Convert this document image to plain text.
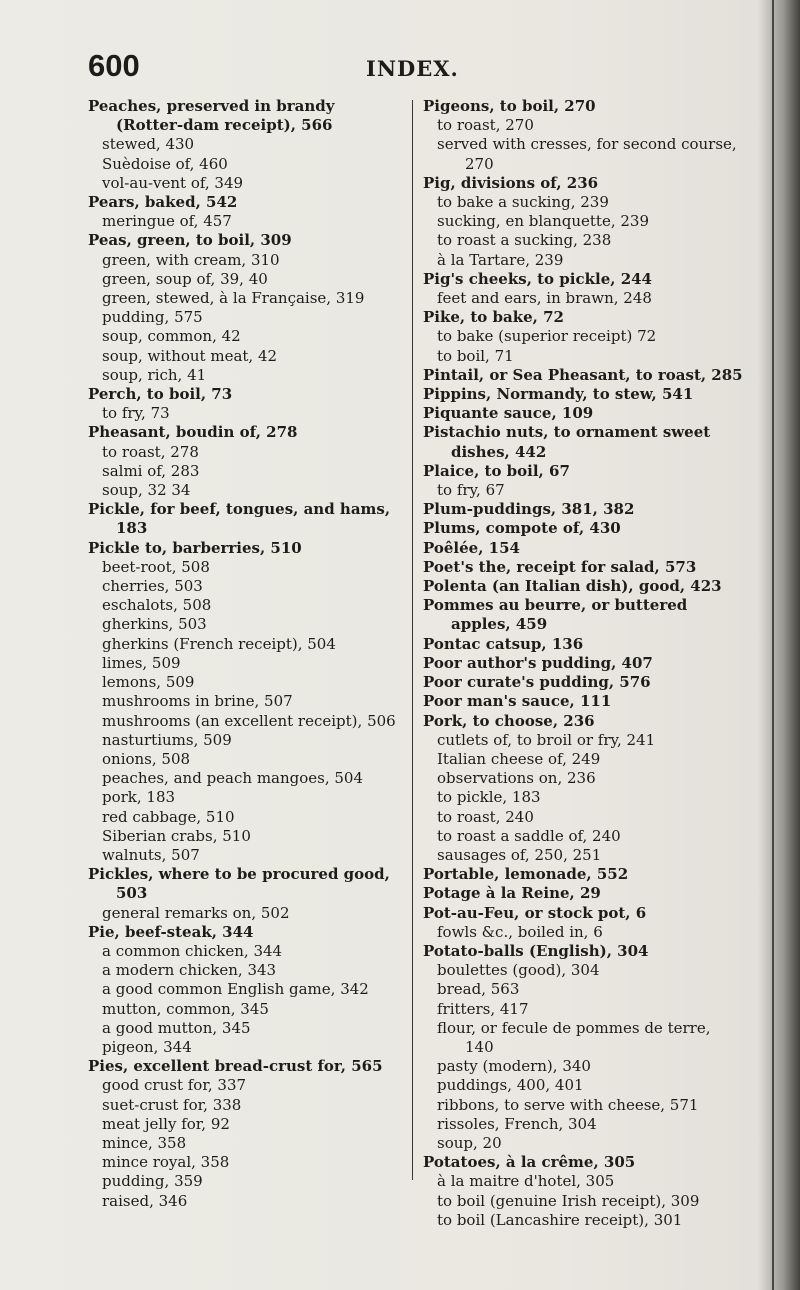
600	INDEX.
Peaches, preserved in brandy (Rotter-dam receipt), 566
stewed, 430
Suèdoise of, 460
vol-au-vent of, 349
Pears, baked, 542
meringue of, 457
Peas, green, to boil, 309
green, with cream, 310
green, soup of, 39, 40
green, stewed, à la Française, 319
pudding, 575
soup, common, 42
soup, without meat, 42
soup, rich, 41
Perch, to boil, 73
to fry, 73
Pheasant, boudin of, 278
to roast, 278
salmi of, 283
soup, 32 34
Pickle, for beef, tongues, and hams, 183
Pickle to, barberries, 510
beet-root, 508
cherries, 503
eschalots, 508
gherkins, 503
gherkins (French receipt), 504
limes, 509
lemons, 509
mushrooms in brine, 507
mushrooms (an excellent receipt), 506
nasturtiums, 509
onions, 508
peaches, and peach mangoes, 504
pork, 183
red cabbage, 510
Siberian crabs, 510
walnuts, 507
Pickles, where to be procured good, 503
general remarks on, 502
Pie, beef-steak, 344
a common chicken, 344
a modern chicken, 343
a good common English game, 342
mutton, common, 345
a good mutton, 345
pigeon, 344
Pies, excellent bread-crust for, 565
good crust for, 337
suet-crust for, 338
meat jelly for, 92
mince, 358
mince royal, 358
pudding, 359
raised, 346
Pigeons, to boil, 270
to roast, 270
served with cresses, for second course, 270
Pig, divisions of, 236
to bake a sucking, 239
sucking, en blanquette, 239
to roast a sucking, 238
à la Tartare, 239
Pig's cheeks, to pickle, 244
feet and ears, in brawn, 248
Pike, to bake, 72
to bake (superior receipt) 72
to boil, 71
Pintail, or Sea Pheasant, to roast, 285
Pippins, Normandy, to stew, 541
Piquante sauce, 109
Pistachio nuts, to ornament sweet dishes, 442
Plaice, to boil, 67
to fry, 67
Plum-puddings, 381, 382
Plums, compote of, 430
Poêlée, 154
Poet's the, receipt for salad, 573
Polenta (an Italian dish), good, 423
Pommes au beurre, or buttered apples, 459
Pontac catsup, 136
Poor author's pudding, 407
Poor curate's pudding, 576
Poor man's sauce, 111
Pork, to choose, 236
cutlets of, to broil or fry, 241
Italian cheese of, 249
observations on, 236
to pickle, 183
to roast, 240
to roast a saddle of, 240
sausages of, 250, 251
Portable, lemonade, 552
Potage à la Reine, 29
Pot-au-Feu, or stock pot, 6
fowls &c., boiled in, 6
Potato-balls (English), 304
boulettes (good), 304
bread, 563
fritters, 417
flour, or fecule de pommes de terre, 140
pasty (modern), 340
puddings, 400, 401
ribbons, to serve with cheese, 571
rissoles, French, 304
soup, 20
Potatoes, à la crême, 305
à la maitre d'hotel, 305
to boil (genuine Irish receipt), 309
to boil (Lancashire receipt), 301
